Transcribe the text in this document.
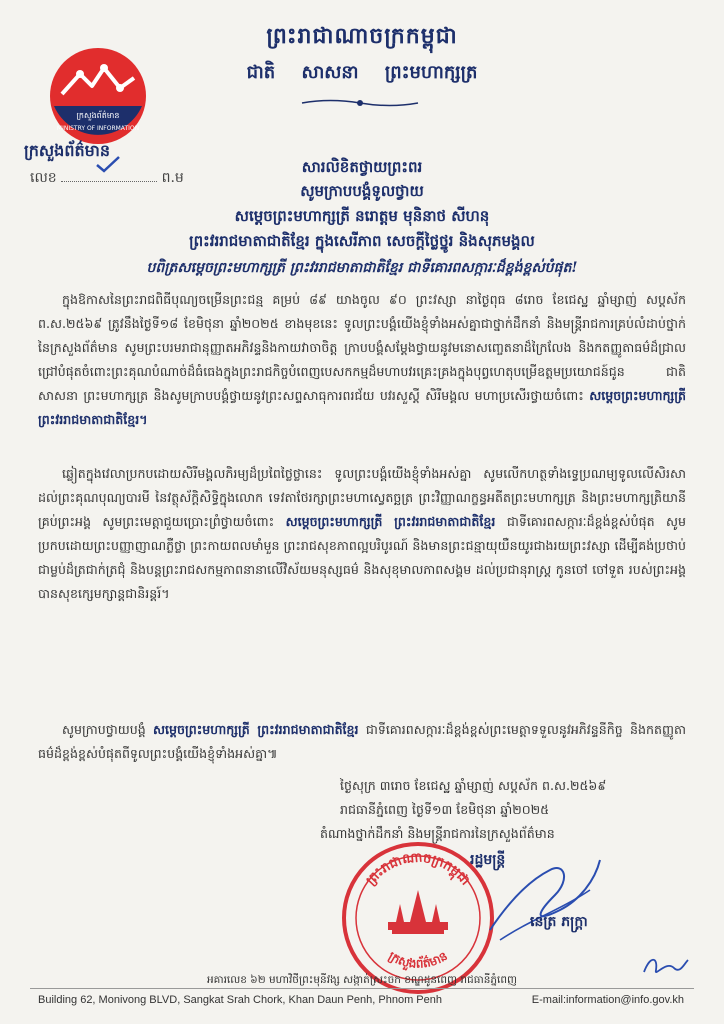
ព្រះរាជាណាចក្រកម្ពុជា
ជាតិ សាសនា ព្រះមហាក្សត្រ
ក្រសួងព័ត៌មាន
MINISTRY OF INFORMATION
ក្រសួងព័ត៌មាន
លេខ	ព.ម
សារលិខិតថ្វាយព្រះពរ
សូមក្រាបបង្គំទូលថ្វាយ
សម្តេចព្រះមហាក្សត្រី នរោត្តម មុនិនាថ សីហនុ
ព្រះវររាជមាតាជាតិខ្មែរ ក្នុងសេរីភាព សេចក្តីថ្លៃថ្នូរ និងសុភមង្គល
បពិត្រសម្តេចព្រះមហាក្សត្រី ព្រះវររាជមាតាជាតិខ្មែរ ជាទីគោរពសក្ការៈដ៏ខ្ពង់ខ្ពស់បំផុត!
ក្នុងឱកាសនៃព្រះរាជពិធីបុណ្យចម្រើនព្រះជន្ម គម្រប់ ៨៩ យាងចូល ៩០ ព្រះវស្សា នាថ្ងៃពុធ ៨រោច ខែជេស្ឋ ឆ្នាំម្សាញ់ សប្តស័ក ព.ស.២៥៦៩ ត្រូវនឹងថ្ងៃទី១៨ ខែមិថុនា ឆ្នាំ២០២៥ ខាងមុខនេះ ទូលព្រះបង្គំយើងខ្ញុំទាំងអស់គ្នាជាថ្នាក់ដឹកនាំ និងមន្ត្រីរាជការគ្រប់លំដាប់ថ្នាក់នៃក្រសួងព័ត៌មាន សូមព្រះបរមរាជានុញ្ញាតអភិវន្ទនិងកាយវាចាចិត្ត ក្រាបបង្គំសម្តែងថ្វាយនូវមនោសញ្ចេតនាដ៏ក្រៃលែង និងកតញ្ញូតាធម៌ដ៏ជ្រាលជ្រៅបំផុតចំពោះព្រះគុណបំណាច់ដ៏ធំធេងក្នុងព្រះរាជកិច្ចបំពេញបេសកកម្មដ៏មហាបវរគ្រេះគ្រងក្នុងបុព្វហេតុបម្រើឧត្តមប្រយោជន៍ជូន ជាតិ សាសនា ព្រះមហាក្សត្រ និងសូមក្រាបបង្គំថ្វាយនូវព្រះសព្ទសាធុការពរជ័យ បវរសួស្តី សិរីមង្គល មហាប្រសើរថ្វាយចំពោះ សម្តេចព្រះមហាក្សត្រី ព្រះវររាជមាតាជាតិខ្មែរ។
ឆ្លៀតក្នុងវេលាប្រកបដោយសិរីមង្គលភិរម្យដ៏ប្រពៃថ្លៃថ្លានេះ ទូលព្រះបង្គំយើងខ្ញុំទាំងអស់គ្នា សូមលើកហត្ថទាំងទ្វេប្រណម្យទូលលើសិរសាដល់ព្រះគុណបុណ្យបារមី នៃវត្ថុស័ក្តិសិទ្ធិក្នុងលោក ទេវតាថែរក្សាព្រះមហាស្វេតច្ឆត្រ ព្រះវិញ្ញាណក្ខន្ធអតីតព្រះមហាក្សត្រ និងព្រះមហាក្សត្រិយានីគ្រប់ព្រះអង្គ សូមព្រះមេត្តាជួយប្រោះព្រំថ្វាយចំពោះ សម្តេចព្រះមហាក្សត្រី ព្រះវររាជមាតាជាតិខ្មែរ ជាទីគោរពសក្ការៈដ៏ខ្ពង់ខ្ពស់បំផុត សូមប្រកបដោយព្រះបញ្ញាញាណភ្លឺថ្លា ព្រះកាយពលមាំមួន ព្រះរាជសុខភាពល្អបរិបូរណ៍ និងមានព្រះជន្មាយុយឺនយូរជាងរយព្រះវស្សា ដើម្បីគង់ប្រថាប់ជាម្លប់ដ៏ត្រជាក់ត្រជុំ និងបន្តព្រះរាជសកម្មភាពនានាលើវិស័យមនុស្សធម៌ និងសុខុមាលភាពសង្គម ដល់ប្រជានុរាស្ត្រ កូនចៅ ចៅទួត របស់ព្រះអង្គបានសុខក្សេមក្សាន្តជានិរន្តរ៍។
សូមក្រាបថ្វាយបង្គំ សម្តេចព្រះមហាក្សត្រី ព្រះវររាជមាតាជាតិខ្មែរ ជាទីគោរពសក្ការៈដ៏ខ្ពង់ខ្ពស់ព្រះមេត្តាទទួលនូវអភិវន្ទនីកិច្ច និងកតញ្ញូតាធម៌ដ៏ខ្ពង់ខ្ពស់បំផុតពីទូលព្រះបង្គំយើងខ្ញុំទាំងអស់គ្នា៕
ថ្ងៃសុក្រ ៣រោច ខែជេស្ឋ ឆ្នាំម្សាញ់ សប្តស័ក ព.ស.២៥៦៩
រាជធានីភ្នំពេញ ថ្ងៃទី១៣ ខែមិថុនា ឆ្នាំ២០២៥
តំណាងថ្នាក់ដឹកនាំ និងមន្ត្រីរាជការនៃក្រសួងព័ត៌មាន
រដ្ឋមន្ត្រី
ព្រះរាជាណាចក្រកម្ពុជា
ក្រសួងព័ត៌មាន
នេត្រ ភក្ត្រា
អគារលេខ ៦២ មហាវិថីព្រះមុនីវង្ស សង្កាត់ស្រះចក ខណ្ឌដូនពេញ រាជធានីភ្នំពេញ
Building 62, Monivong BLVD, Sangkat Srah Chork, Khan Daun Penh, Phnom Penh	E-mail:information@info.gov.kh
